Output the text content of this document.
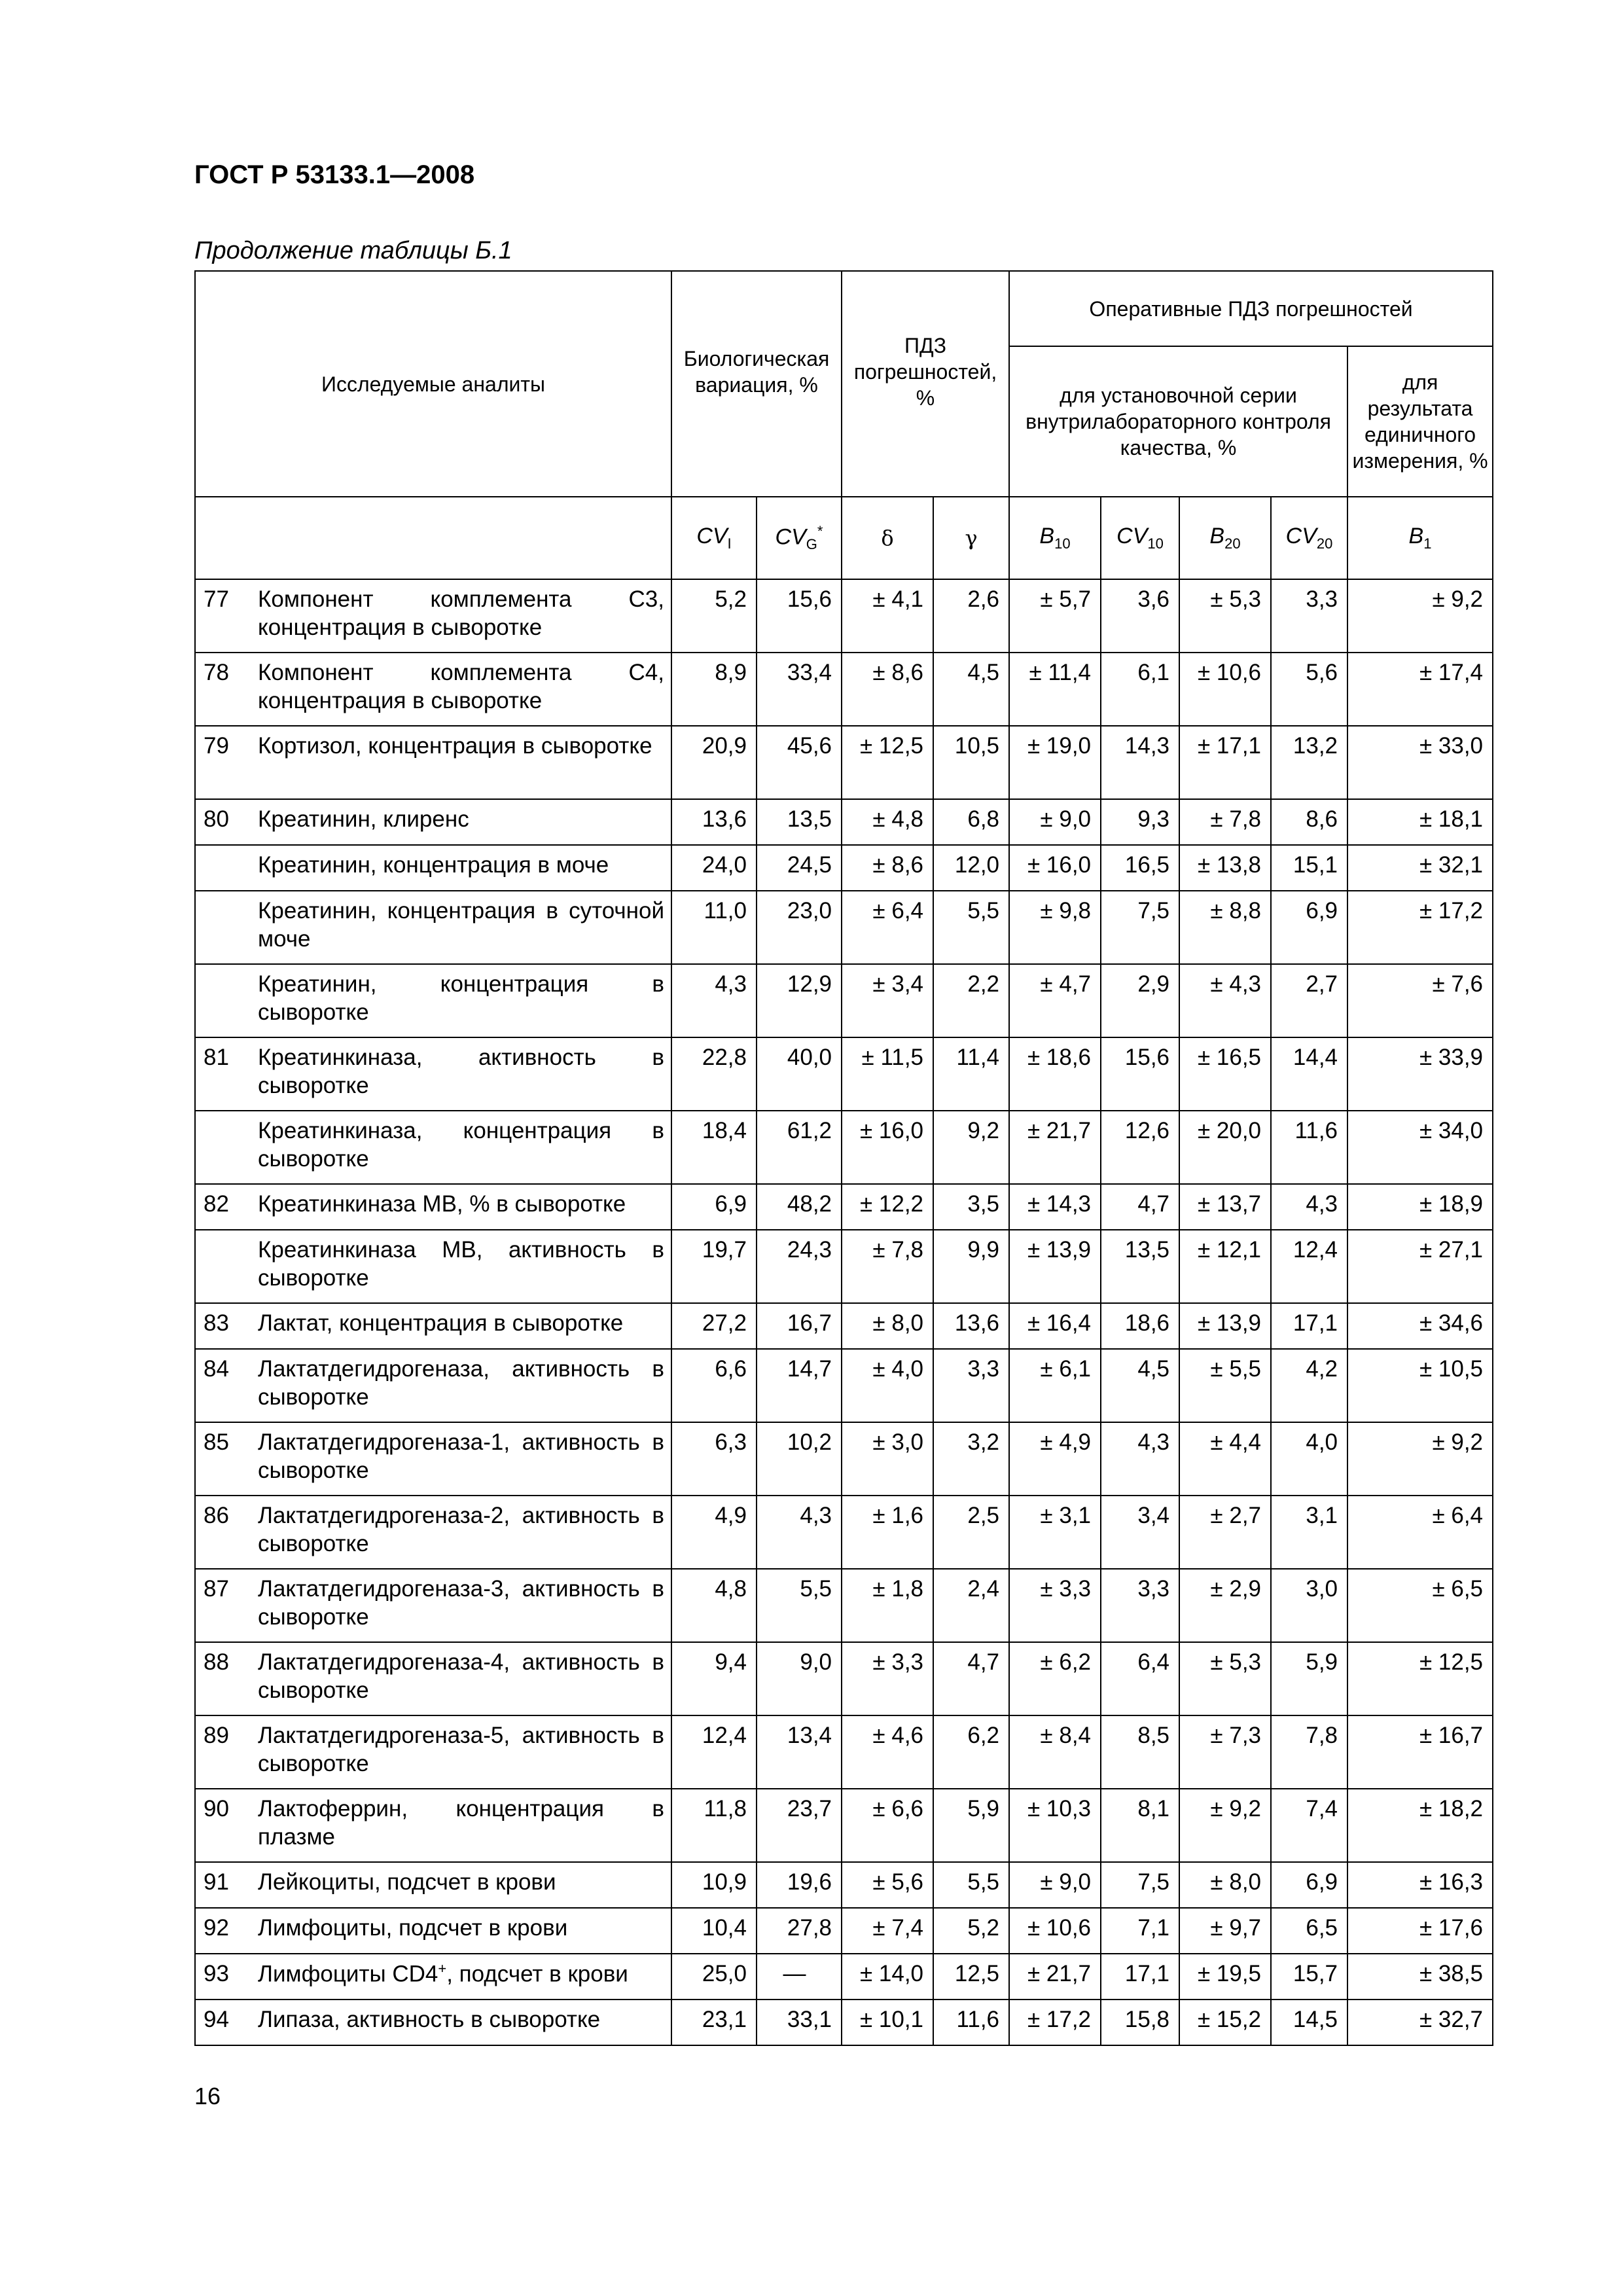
ГОСТ Р 53133.1—2008
Продолжение таблицы Б.1
Исследуемые аналиты		Биологическая вариация, %		ПДЗ погрешностей, %		Оперативные ПДЗ погрешностей				
						для установочной серии внутрилабораторного контроля качества, %				для результата единичного измерения, %
		$CV_I$	$CV_G^*$	δ	γ	$B_{10}$	$CV_{10}$	$B_{20}$	$CV_{20}$	$B_1$
77	Компонент комплемента С3, концентрация в сыворотке	5,2	15,6	± 4,1	2,6	± 5,7	3,6	± 5,3	3,3	± 9,2
78	Компонент комплемента С4, концентрация в сыворотке	8,9	33,4	± 8,6	4,5	± 11,4	6,1	± 10,6	5,6	± 17,4
79	Кортизол, концентрация в сыворотке	20,9	45,6	± 12,5	10,5	± 19,0	14,3	± 17,1	13,2	± 33,0
80	Креатинин, клиренс	13,6	13,5	± 4,8	6,8	± 9,0	9,3	± 7,8	8,6	± 18,1
	Креатинин, концентрация в моче	24,0	24,5	± 8,6	12,0	± 16,0	16,5	± 13,8	15,1	± 32,1
	Креатинин, концентрация в суточной моче	11,0	23,0	± 6,4	5,5	± 9,8	7,5	± 8,8	6,9	± 17,2
	Креатинин, концентрация в сыворотке	4,3	12,9	± 3,4	2,2	± 4,7	2,9	± 4,3	2,7	± 7,6
81	Креатинкиназа, активность в сыворотке	22,8	40,0	± 11,5	11,4	± 18,6	15,6	± 16,5	14,4	± 33,9
	Креатинкиназа, концентрация в сыворотке	18,4	61,2	± 16,0	9,2	± 21,7	12,6	± 20,0	11,6	± 34,0
82	Креатинкиназа МВ, % в сыворотке	6,9	48,2	± 12,2	3,5	± 14,3	4,7	± 13,7	4,3	± 18,9
	Креатинкиназа МВ, активность в сыворотке	19,7	24,3	± 7,8	9,9	± 13,9	13,5	± 12,1	12,4	± 27,1
83	Лактат, концентрация в сыворотке	27,2	16,7	± 8,0	13,6	± 16,4	18,6	± 13,9	17,1	± 34,6
84	Лактатдегидрогеназа, активность в сыворотке	6,6	14,7	± 4,0	3,3	± 6,1	4,5	± 5,5	4,2	± 10,5
85	Лактатдегидрогеназа-1, активность в сыворотке	6,3	10,2	± 3,0	3,2	± 4,9	4,3	± 4,4	4,0	± 9,2
86	Лактатдегидрогеназа-2, активность в сыворотке	4,9	4,3	± 1,6	2,5	± 3,1	3,4	± 2,7	3,1	± 6,4
87	Лактатдегидрогеназа-3, активность в сыворотке	4,8	5,5	± 1,8	2,4	± 3,3	3,3	± 2,9	3,0	± 6,5
88	Лактатдегидрогеназа-4, активность в сыворотке	9,4	9,0	± 3,3	4,7	± 6,2	6,4	± 5,3	5,9	± 12,5
89	Лактатдегидрогеназа-5, активность в сыворотке	12,4	13,4	± 4,6	6,2	± 8,4	8,5	± 7,3	7,8	± 16,7
90	Лактоферрин, концентрация в плазме	11,8	23,7	± 6,6	5,9	± 10,3	8,1	± 9,2	7,4	± 18,2
91	Лейкоциты, подсчет в крови	10,9	19,6	± 5,6	5,5	± 9,0	7,5	± 8,0	6,9	± 16,3
92	Лимфоциты, подсчет в крови	10,4	27,8	± 7,4	5,2	± 10,6	7,1	± 9,7	6,5	± 17,6
93	Лимфоциты CD4+, подсчет в крови	25,0	—	± 14,0	12,5	± 21,7	17,1	± 19,5	15,7	± 38,5
94	Липаза, активность в сыворотке	23,1	33,1	± 10,1	11,6	± 17,2	15,8	± 15,2	14,5	± 32,7
16
